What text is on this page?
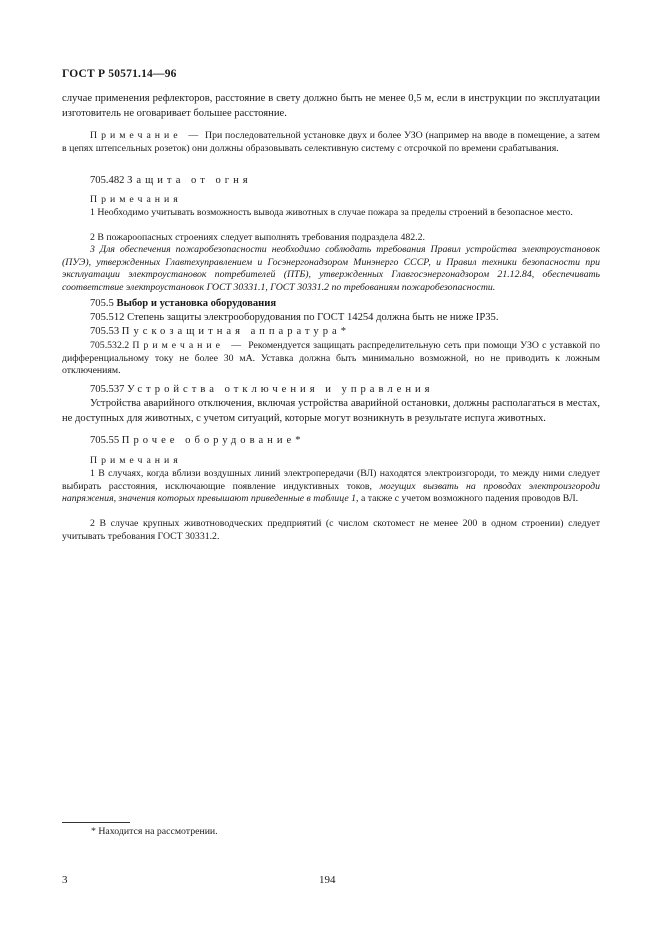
ГОСТ Р 50571.14—96

случае применения рефлекторов, расстояние в свету должно быть не менее 0,5 м, если в инструкции по эксплуатации изготовитель не оговаривает большее расстояние.

Примечание — При последовательной установке двух и более УЗО (например на вводе в помещение, а затем в цепях штепсельных розеток) они должны образовывать селективную систему с отсрочкой по времени срабатывания.

705.482 Защита от огня

Примечания

1 Необходимо учитывать возможность вывода животных в случае пожара за пределы строений в безопасное место.

2 В пожароопасных строениях следует выполнять требования подраздела 482.2.

3 Для обеспечения пожаробезопасности необходимо соблюдать требования Правил устройства электроустановок (ПУЭ), утвержденных Главтехуправлением и Госэнергонадзором Минэнерго СССР, и Правил техники безопасности при эксплуатации электроустановок потребителей (ПТБ), утвержденных Главгосэнергонадзором 21.12.84, обеспечивать соответствие электроустановок ГОСТ 30331.1, ГОСТ 30331.2 по требованиям пожаробезопасности.

705.5 Выбор и установка оборудования

705.512 Степень защиты электрооборудования по ГОСТ 14254 должна быть не ниже IP35.

705.53 Пускозащитная аппаратура*

705.532.2 Примечание — Рекомендуется защищать распределительную сеть при помощи УЗО с уставкой по дифференциальному току не более 30 мА. Уставка должна быть минимально возможной, но не приводить к ложным отключениям.

705.537 Устройства отключения и управления

Устройства аварийного отключения, включая устройства аварийной остановки, должны располагаться в местах, не доступных для животных, с учетом ситуаций, которые могут возникнуть в результате испуга животных.

705.55 Прочее оборудование*

Примечания

1 В случаях, когда вблизи воздушных линий электропередачи (ВЛ) находятся электроизгороди, то между ними следует выбирать расстояния, исключающие появление индуктивных токов, могущих вызвать на проводах электроизгороди напряжения, значения которых превышают приведенные в таблице 1, а также с учетом возможного падения проводов ВЛ.

2 В случае крупных животноводческих предприятий (с числом скотомест не менее 200 в одном строении) следует учитывать требования ГОСТ 30331.2.

* Находится на рассмотрении.
3	194
